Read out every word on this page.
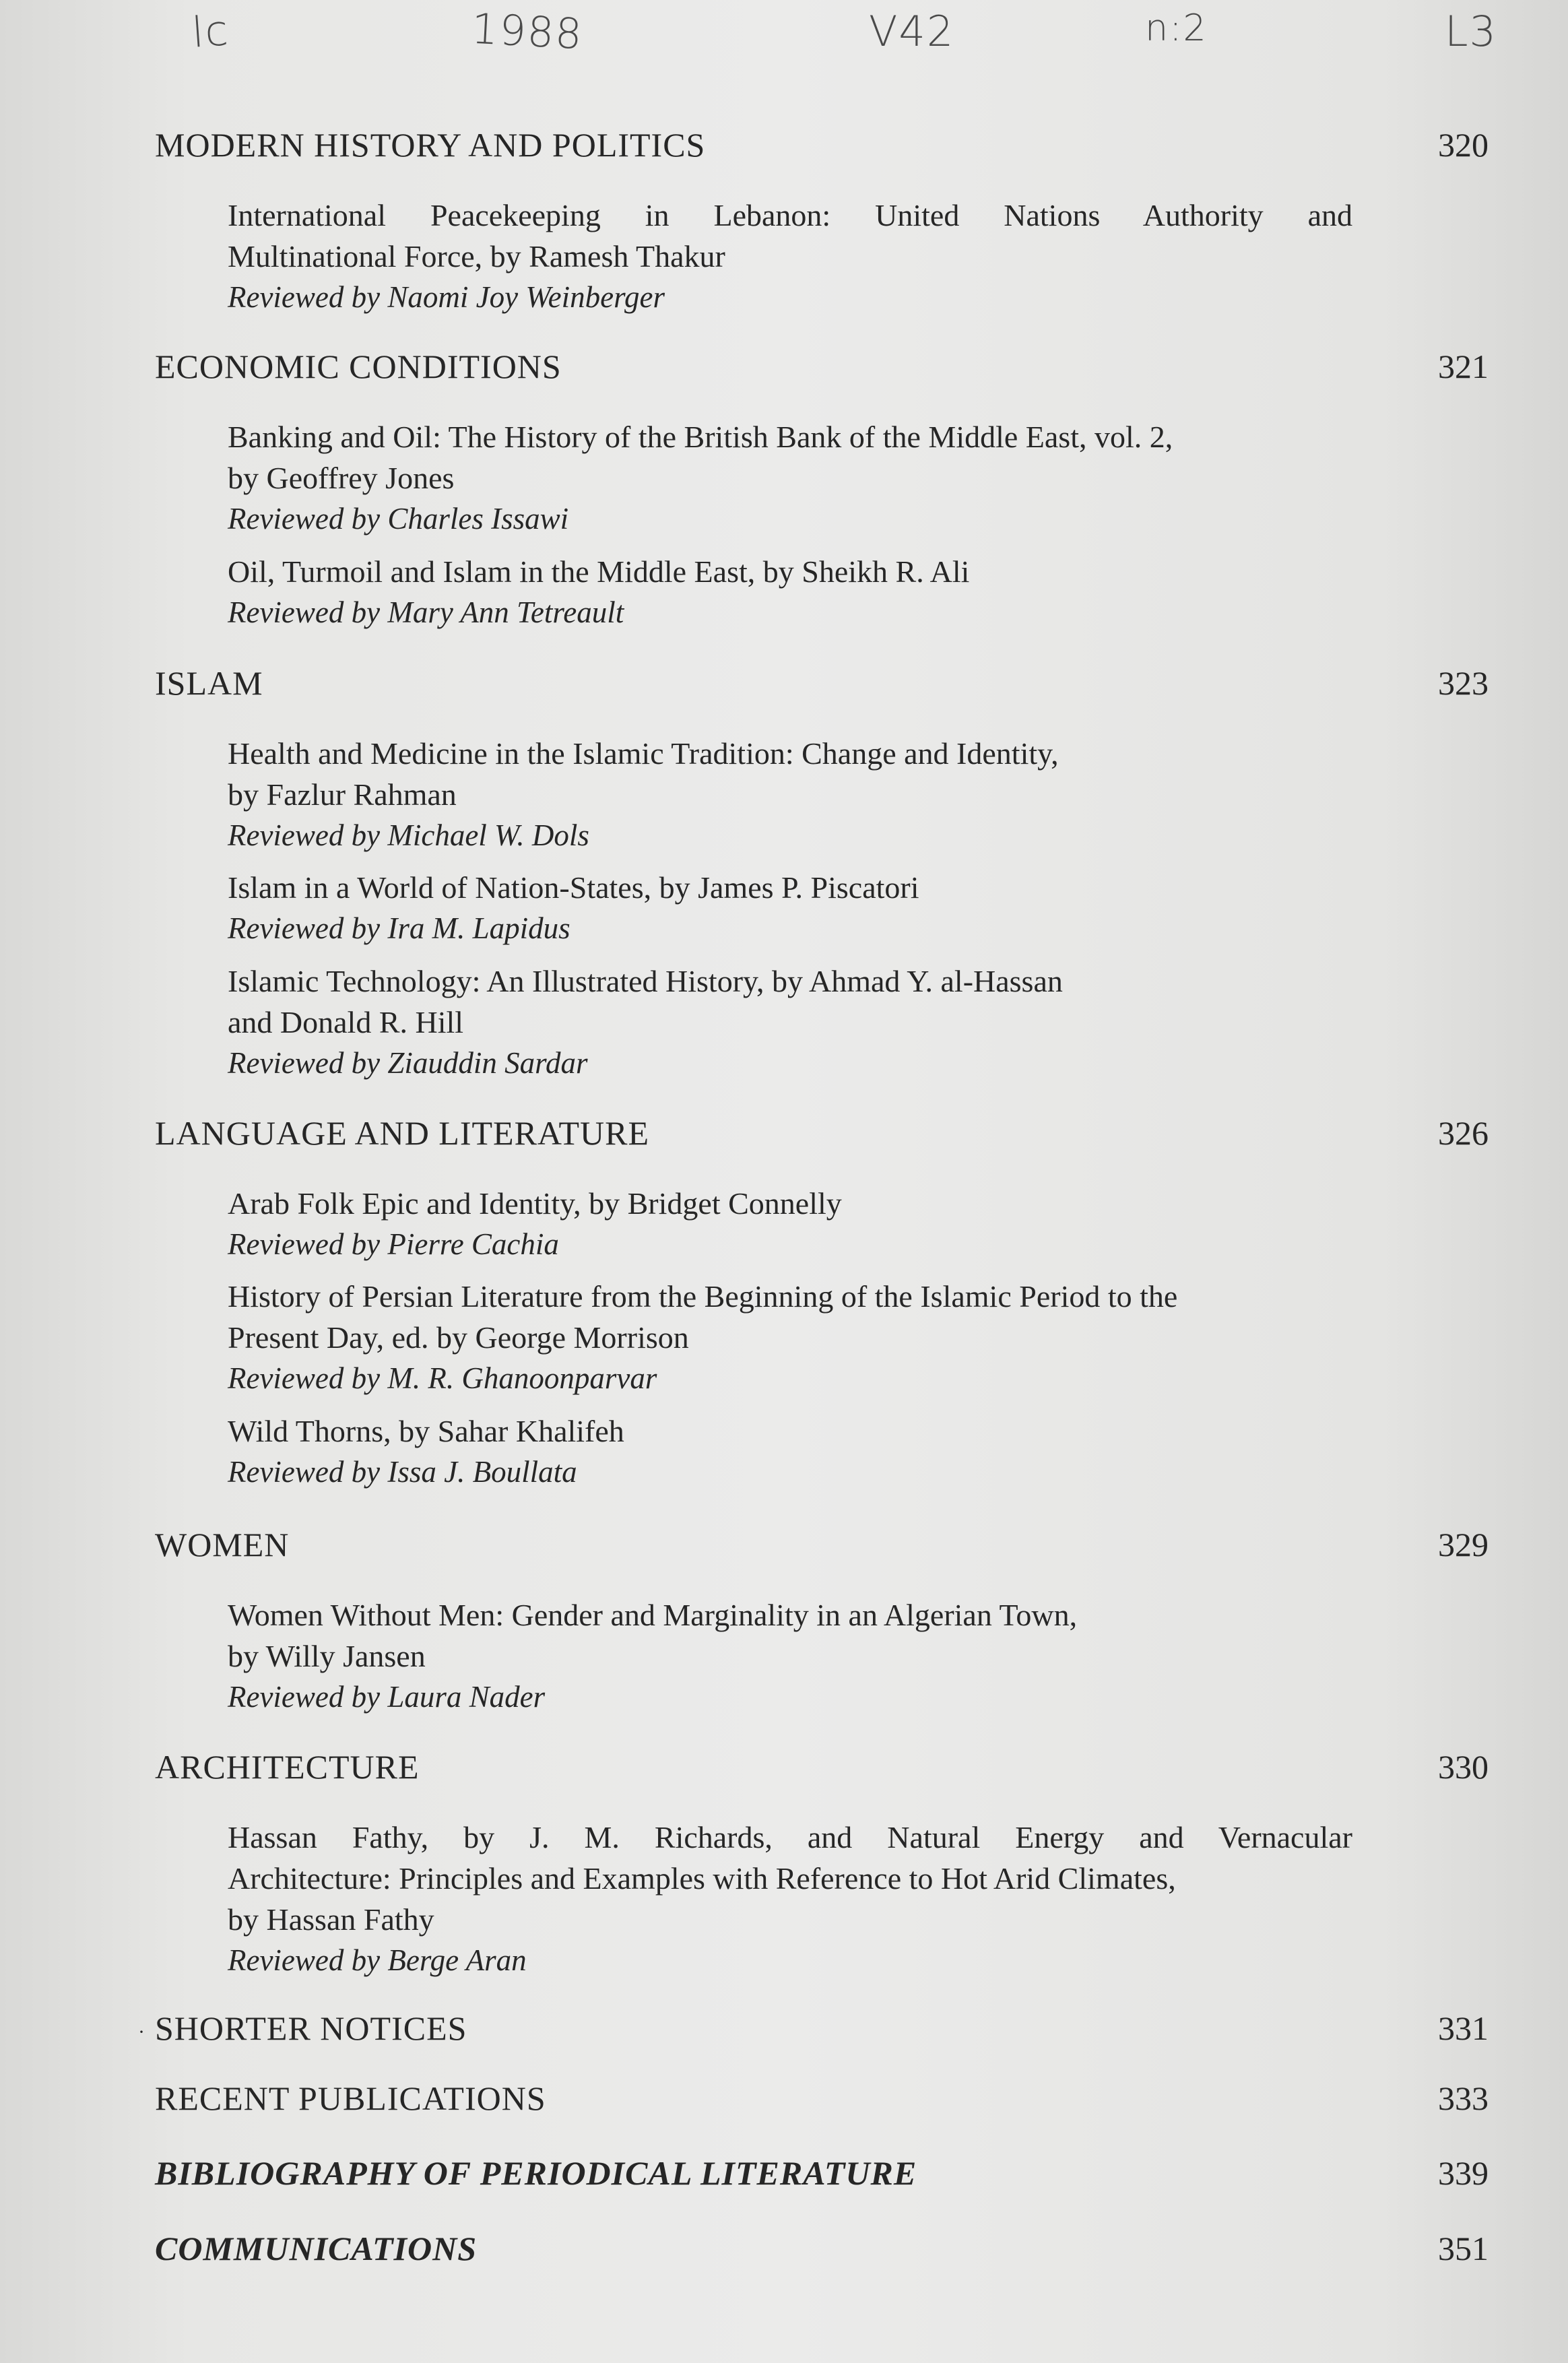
lc	1988	V42	n:2	L3
MODERN HISTORY AND POLITICS	320
International Peacekeeping in Lebanon: United Nations Authority and
Multinational Force, by Ramesh Thakur
Reviewed by Naomi Joy Weinberger
ECONOMIC CONDITIONS	321
Banking and Oil: The History of the British Bank of the Middle East, vol. 2,
by Geoffrey Jones
Reviewed by Charles Issawi
Oil, Turmoil and Islam in the Middle East, by Sheikh R. Ali
Reviewed by Mary Ann Tetreault
ISLAM	323
Health and Medicine in the Islamic Tradition: Change and Identity,
by Fazlur Rahman
Reviewed by Michael W. Dols
Islam in a World of Nation-States, by James P. Piscatori
Reviewed by Ira M. Lapidus
Islamic Technology: An Illustrated History, by Ahmad Y. al-Hassan
and Donald R. Hill
Reviewed by Ziauddin Sardar
LANGUAGE AND LITERATURE	326
Arab Folk Epic and Identity, by Bridget Connelly
Reviewed by Pierre Cachia
History of Persian Literature from the Beginning of the Islamic Period to the
Present Day, ed. by George Morrison
Reviewed by M. R. Ghanoonparvar
Wild Thorns, by Sahar Khalifeh
Reviewed by Issa J. Boullata
WOMEN	329
Women Without Men: Gender and Marginality in an Algerian Town,
by Willy Jansen
Reviewed by Laura Nader
ARCHITECTURE	330
Hassan Fathy, by J. M. Richards, and Natural Energy and Vernacular
Architecture: Principles and Examples with Reference to Hot Arid Climates,
by Hassan Fathy
Reviewed by Berge Aran
· SHORTER NOTICES	331
RECENT PUBLICATIONS	333
BIBLIOGRAPHY OF PERIODICAL LITERATURE	339
COMMUNICATIONS	351
